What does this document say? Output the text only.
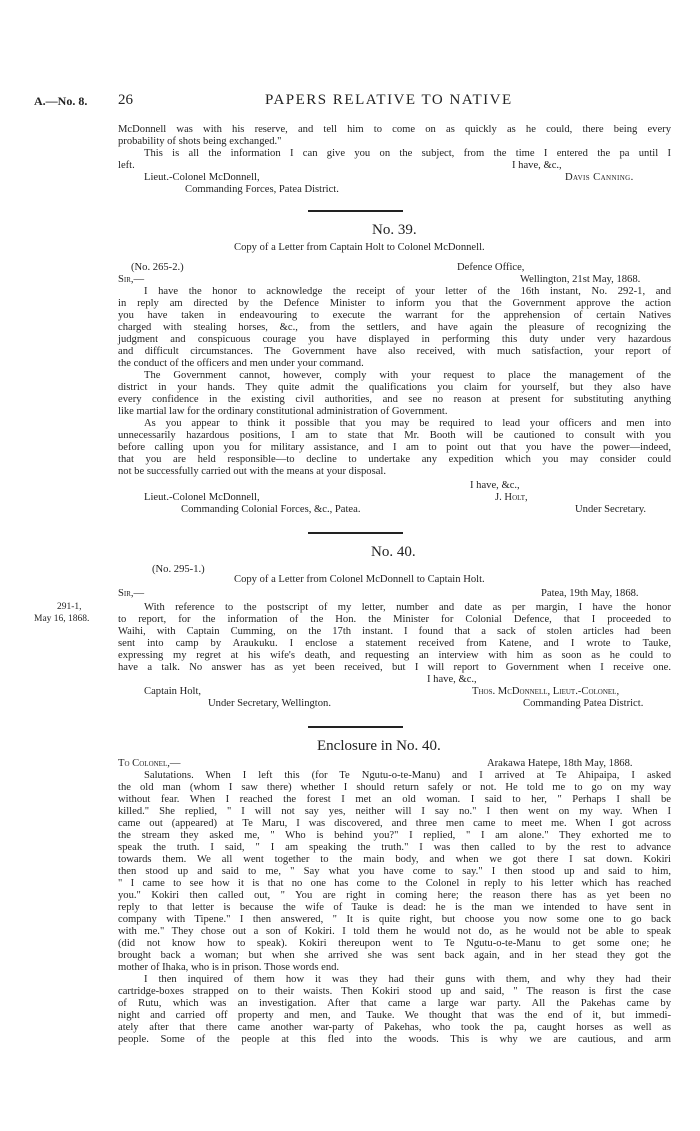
A.—No. 8. 26	PAPERS RELATIVE TO NATIVE
McDonnell was with his reserve, and tell him to come on as quickly as he could, there being every
probability of shots being exchanged."
This is all the information I can give you on the subject, from the time I entered the pa until I
left.	I have, &c.,
Lieut.-Colonel McDonnell,	Davis Canning.
Commanding Forces, Patea District.
No. 39.
Copy of a Letter from Captain Holt to Colonel McDonnell.
(No. 265-2.)	Defence Office,
Sir,—	Wellington, 21st May, 1868.
I have the honor to acknowledge the receipt of your letter of the 16th instant, No. 292-1, and
in reply am directed by the Defence Minister to inform you that the Government approve the action
you have taken in endeavouring to execute the warrant for the apprehension of certain Natives
charged with stealing horses, &c., from the settlers, and have again the pleasure of recognizing the
judgment and conspicuous courage you have displayed in performing this duty under very hazardous
and difficult circumstances. The Government have also received, with much satisfaction, your report of
the conduct of the officers and men under your command.
The Government cannot, however, comply with your request to place the management of the
district in your hands. They quite admit the qualifications you claim for yourself, but they also have
every confidence in the existing civil authorities, and see no reason at present for substituting anything
like martial law for the ordinary constitutional administration of Government.
As you appear to think it possible that you may be required to lead your officers and men into
unnecessarily hazardous positions, I am to state that Mr. Booth will be cautioned to consult with you
before calling upon you for military assistance, and I am to point out that you have the power—indeed,
that you are held responsible—to decline to undertake any expedition which you may consider could
not be successfully carried out with the means at your disposal.
I have, &c.,
Lieut.-Colonel McDonnell,	J. Holt,
Commanding Colonial Forces, &c., Patea.	Under Secretary.
No. 40.
(No. 295-1.)
Copy of a Letter from Colonel McDonnell to Captain Holt.
Sir,—	Patea, 19th May, 1868.
291-1,
May 16, 1868.
With reference to the postscript of my letter, number and date as per margin, I have the honor
to report, for the information of the Hon. the Minister for Colonial Defence, that I proceeded to
Waihi, with Captain Cumming, on the 17th instant. I found that a sack of stolen articles had been
sent into camp by Araukuku. I enclose a statement received from Katene, and I wrote to Tauke,
expressing my regret at his wife's death, and requesting an interview with him as soon as he could to
have a talk. No answer has as yet been received, but I will report to Government when I receive one.
I have, &c.,
Captain Holt,	Thos. McDonnell, Lieut.-Colonel,
Under Secretary, Wellington.	Commanding Patea District.
Enclosure in No. 40.
To Colonel,—	Arakawa Hatepe, 18th May, 1868.
Salutations. When I left this (for Te Ngutu-o-te-Manu) and I arrived at Te Ahipaipa, I asked
the old man (whom I saw there) whether I should return safely or not. He told me to go on my way
without fear. When I reached the forest I met an old woman. I said to her, " Perhaps I shall be
killed." She replied, " I will not say yes, neither will I say no." I then went on my way. When I
came out (appeared) at Te Maru, I was discovered, and three men came to meet me. When I got across
the stream they asked me, " Who is behind you?" I replied, " I am alone." They exhorted me to
speak the truth. I said, " I am speaking the truth." I was then called to by the rest to advance
towards them. We all went together to the main body, and when we got there I sat down. Kokiri
then stood up and said to me, " Say what you have come to say." I then stood up and said to him,
" I came to see how it is that no one has come to the Colonel in reply to his letter which has reached
you." Kokiri then called out, " You are right in coming here; the reason there has as yet been no
reply to that letter is because the wife of Tauke is dead: he is the man we intended to have sent in
company with Tipene." I then answered, " It is quite right, but choose you now some one to go back
with me." They chose out a son of Kokiri. I told them he would not do, as he would not be able to speak
(did not know how to speak). Kokiri thereupon went to Te Ngutu-o-te-Manu to get some one; he
brought back a woman; but when she arrived she was sent back again, and in her stead they got the
mother of Ihaka, who is in prison. Those words end.
I then inquired of them how it was they had their guns with them, and why they had their
cartridge-boxes strapped on to their waists. Then Kokiri stood up and said, " The reason is first the case
of Rutu, which was an investigation. After that came a large war party. All the Pakehas came by
night and carried off property and men, and Tauke. We thought that was the end of it, but immedi-
ately after that there came another war-party of Pakehas, who took the pa, caught horses as well as
people. Some of the people at this fled into the woods. This is why we are cautious, and arm
